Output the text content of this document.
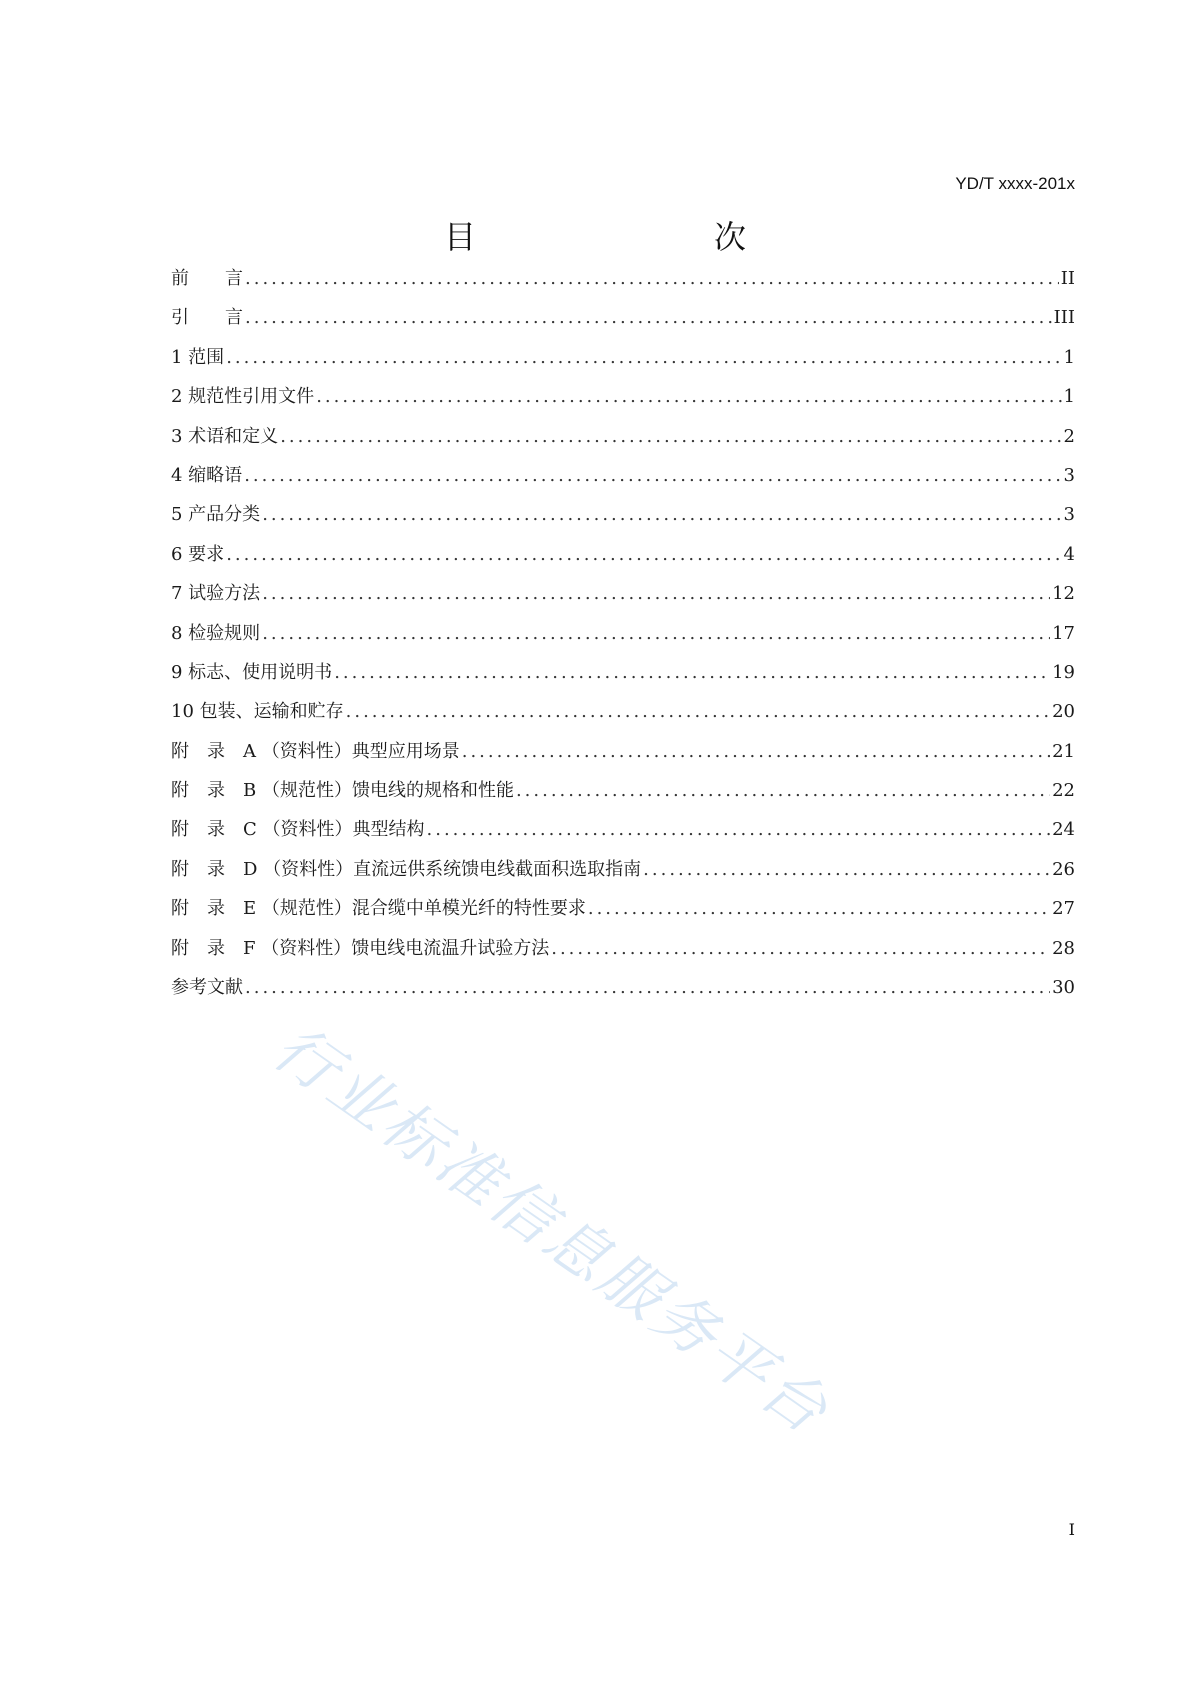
YD/T xxxx-201x
目　　次
前　　言 .....	II
引　　言 .....	III
1 范围 .....	1
2 规范性引用文件 .....	1
3 术语和定义 .....	2
4 缩略语 .....	3
5 产品分类 .....	3
6 要求 .....	4
7 试验方法 .....	12
8 检验规则 .....	17
9 标志、使用说明书 .....	19
10 包装、运输和贮存 .....	20
附　录　A （资料性）典型应用场景 .....	21
附　录　B （规范性）馈电线的规格和性能 .....	22
附　录　C （资料性）典型结构 .....	24
附　录　D （资料性）直流远供系统馈电线截面积选取指南 .....	26
附　录　E （规范性）混合缆中单模光纤的特性要求 .....	27
附　录　F （资料性）馈电线电流温升试验方法 .....	28
参考文献 .....	30
行业标准信息服务平台
I
